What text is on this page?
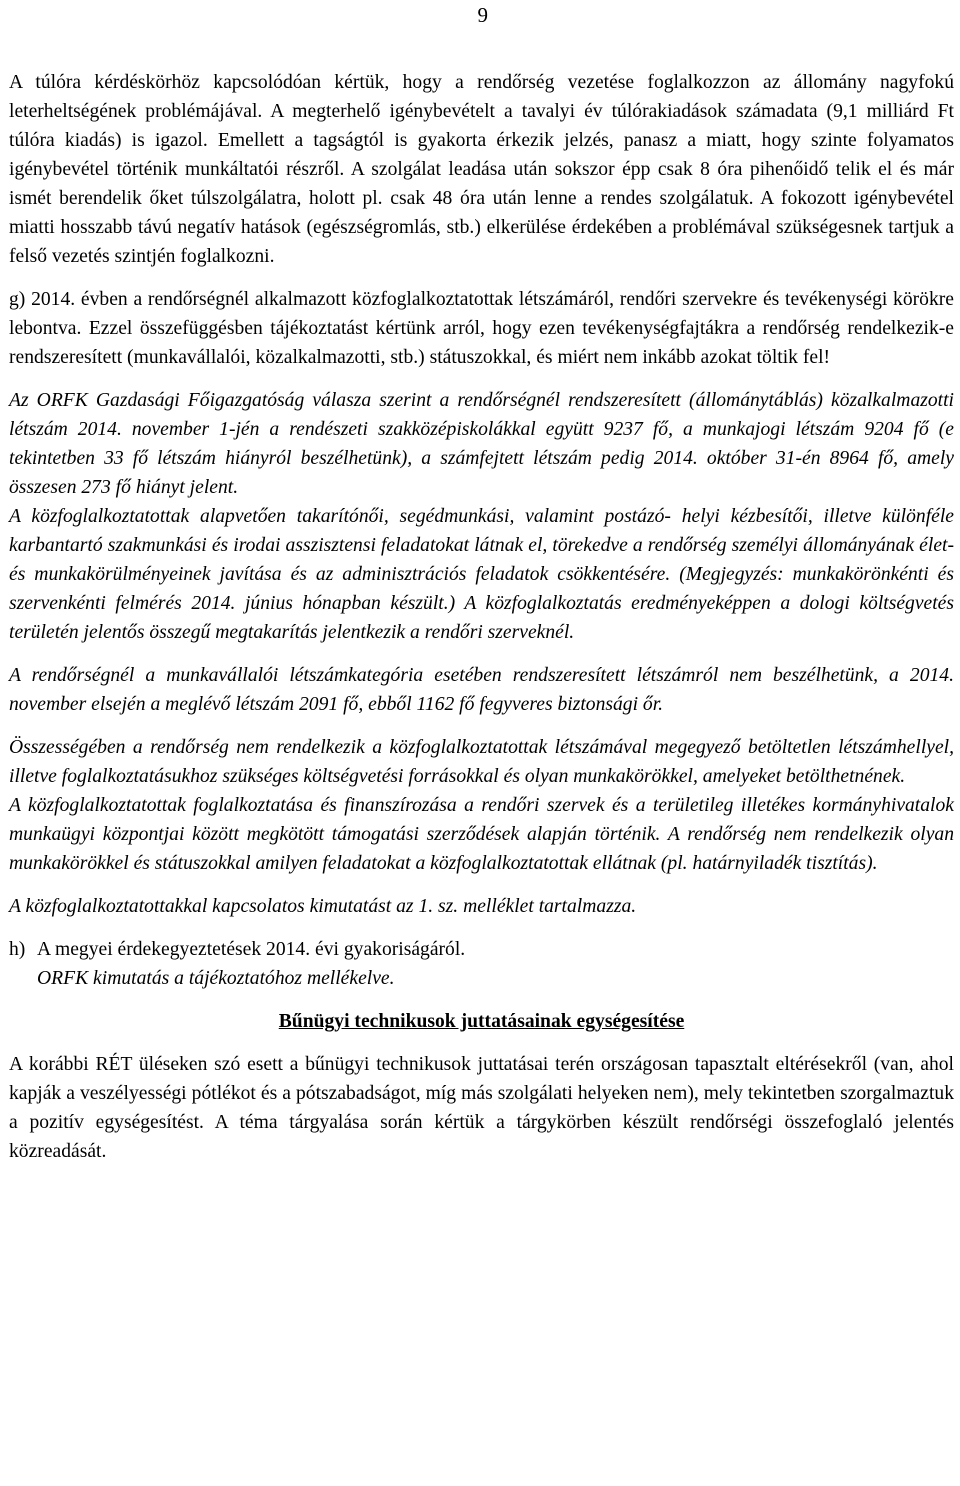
9

A túlóra kérdéskörhöz kapcsolódóan kértük, hogy a rendőrség vezetése foglalkozzon az állomány nagyfokú leterheltségének problémájával. A megterhelő igénybevételt a tavalyi év túlórakiadások számadata (9,1 milliárd Ft túlóra kiadás) is igazol. Emellett a tagságtól is gyakorta érkezik jelzés, panasz a miatt, hogy szinte folyamatos igénybevétel történik munkáltatói részről. A szolgálat leadása után sokszor épp csak 8 óra pihenőidő telik el és már ismét berendelik őket túlszolgálatra, holott pl. csak 48 óra után lenne a rendes szolgálatuk. A fokozott igénybevétel miatti hosszabb távú negatív hatások (egészségromlás, stb.) elkerülése érdekében a problémával szükségesnek tartjuk a felső vezetés szintjén foglalkozni.

g) 2014. évben a rendőrségnél alkalmazott közfoglalkoztatottak létszámáról, rendőri szervekre és tevékenységi körökre lebontva. Ezzel összefüggésben tájékoztatást kértünk arról, hogy ezen tevékenységfajtákra a rendőrség rendelkezik-e rendszeresített (munkavállalói, közalkalmazotti, stb.) státuszokkal, és miért nem inkább azokat töltik fel!

Az ORFK Gazdasági Főigazgatóság válasza szerint a rendőrségnél rendszeresített (állománytáblás) közalkalmazotti létszám 2014. november 1-jén a rendészeti szakközépiskolákkal együtt 9237 fő, a munkajogi létszám 9204 fő (e tekintetben 33 fő létszám hiányról beszélhetünk), a számfejtett létszám pedig 2014. október 31-én 8964 fő, amely összesen 273 fő hiányt jelent.

A közfoglalkoztatottak alapvetően takarítónői, segédmunkási, valamint postázó- helyi kézbesítői, illetve különféle karbantartó szakmunkási és irodai asszisztensi feladatokat látnak el, törekedve a rendőrség személyi állományának élet- és munkakörülményeinek javítása és az adminisztrációs feladatok csökkentésére. (Megjegyzés: munkakörönkénti és szervenkénti felmérés 2014. június hónapban készült.) A közfoglalkoztatás eredményeképpen a dologi költségvetés területén jelentős összegű megtakarítás jelentkezik a rendőri szerveknél.

A rendőrségnél a munkavállalói létszámkategória esetében rendszeresített létszámról nem beszélhetünk, a 2014. november elsején a meglévő létszám 2091 fő, ebből 1162 fő fegyveres biztonsági őr.

Összességében a rendőrség nem rendelkezik a közfoglalkoztatottak létszámával megegyező betöltetlen létszámhellyel, illetve foglalkoztatásukhoz szükséges költségvetési forrásokkal és olyan munkakörökkel, amelyeket betölthetnének.

A közfoglalkoztatottak foglalkoztatása és finanszírozása a rendőri szervek és a területileg illetékes kormányhivatalok munkaügyi központjai között megkötött támogatási szerződések alapján történik. A rendőrség nem rendelkezik olyan munkakörökkel és státuszokkal amilyen feladatokat a közfoglalkoztatottak ellátnak (pl. határnyiladék tisztítás).

A közfoglalkoztatottakkal kapcsolatos kimutatást az 1. sz. melléklet tartalmazza.

h) A megyei érdekegyeztetések 2014. évi gyakoriságáról.
ORFK kimutatás a tájékoztatóhoz mellékelve.

Bűnügyi technikusok juttatásainak egységesítése

A korábbi RÉT üléseken szó esett a bűnügyi technikusok juttatásai terén országosan tapasztalt eltérésekről (van, ahol kapják a veszélyességi pótlékot és a pótszabadságot, míg más szolgálati helyeken nem), mely tekintetben szorgalmaztuk a pozitív egységesítést. A téma tárgyalása során kértük a tárgykörben készült rendőrségi összefoglaló jelentés közreadását.
